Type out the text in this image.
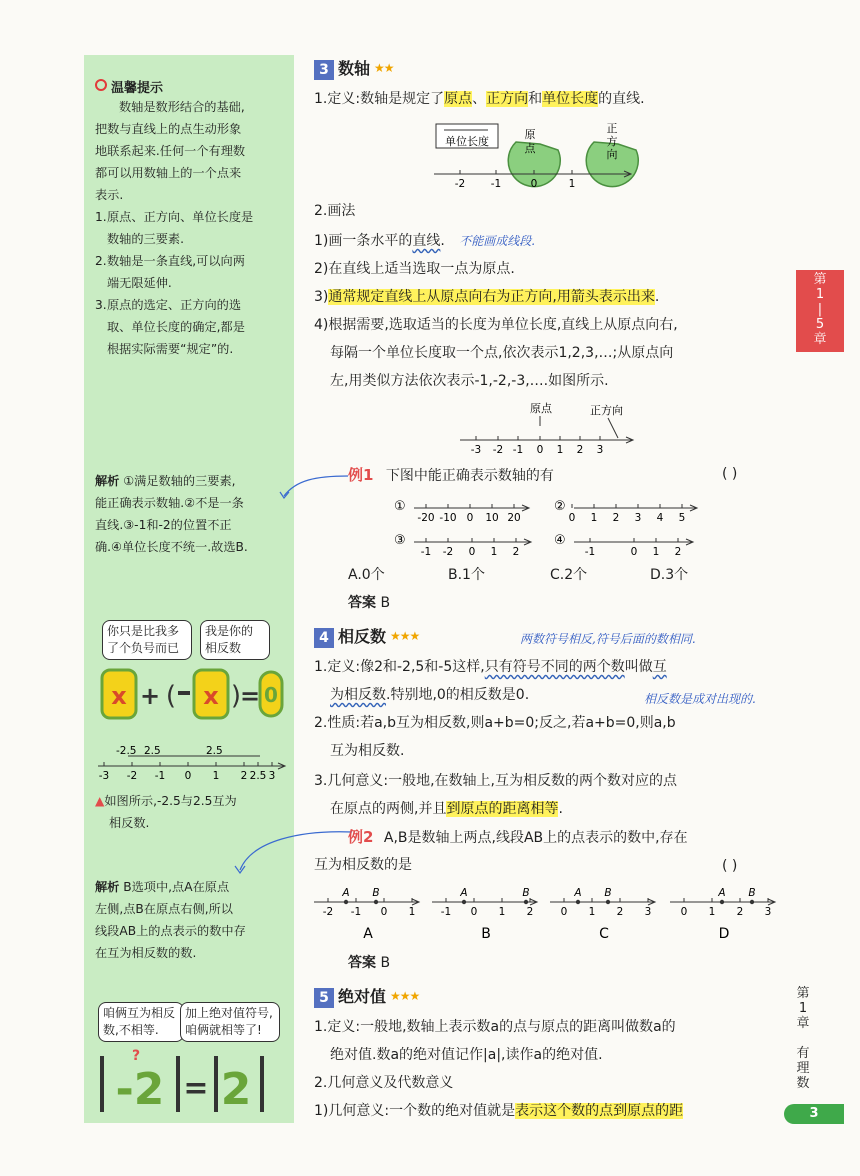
温馨提示
数轴是数形结合的基础,
把数与直线上的点生动形象
地联系起来.任何一个有理数
都可以用数轴上的一个点来
表示.
1. 原点、正方向、单位长度是
数轴的三要素.
2. 数轴是一条直线,可以向两
端无限延伸.
3. 原点的选定、正方向的选
取、单位长度的确定,都是
根据实际需要“规定”的.
解析 ①满足数轴的三要素,
能正确表示数轴.②不是一条
直线.③-1和-2的位置不正
确.④单位长度不统一.故选B.
你只是比我多
了个负号而已
我是你的
相反数
x + ( x )
= 0
-3 -2 -1 0 1 2 2.5 3
-2.5 2.5	2.5
▲如图所示,-2.5与2.5互为
相反数.
解析 B选项中,点A在原点
左侧,点B在原点右侧,所以
线段AB上的点表示的数中存
在互为相反数的数.
咱俩互为相反
数,不相等.
加上绝对值符号,
咱俩就相等了!
-2
?
= 2
3 数轴 ★★
1.定义:数轴是规定了原点、正方向和单位长度的直线.
单位长度
原
点
正
方
向
-2 -1	0	1
2.画法
1)画一条水平的直线. 不能画成线段.
2)在直线上适当选取一点为原点.
3)通常规定直线上从原点向右为正方向,用箭头表示出来.
4)根据需要,选取适当的长度为单位长度,直线上从原点向右,
每隔一个单位长度取一个点,依次表示1,2,3,…;从原点向
左,用类似方法依次表示-1,-2,-3,….如图所示.
原点	正方向
-3 -2 -1 0 1 2 3
例1 下图中能正确表示数轴的有	( )
①
-20 -10 0 10 20
②
0 1 2 3 4 5
③
-1 -2 0 1 2
④
-1	0 1 2
A.0个	B.1个	C.2个	D.3个
答案 B
4 相反数 ★★★	两数符号相反,符号后面的数相同.
1.定义:像2和-2,5和-5这样,只有符号不同的两个数叫做互
为相反数.特别地,0的相反数是0.	相反数是成对出现的.
2.性质:若a,b互为相反数,则a+b=0;反之,若a+b=0,则a,b
互为相反数.
3.几何意义:一般地,在数轴上,互为相反数的两个数对应的点
在原点的两侧,并且到原点的距离相等.
例2 A,B是数轴上两点,线段AB上的点表示的数中,存在
互为相反数的是	( )
-2 -1 0 1
A B
A
-1 0 1 2
A	B
B
0 1 2 3
A B
C
0 1 2 3
A B
D
答案 B
5 绝对值 ★★★
1.定义:一般地,数轴上表示数a的点与原点的距离叫做数a的
绝对值.数a的绝对值记作|a|,读作a的绝对值.
2.几何意义及代数意义
1)几何意义:一个数的绝对值就是表示这个数的点到原点的距
第
1
|
5
章
第
1
章
有
理
数
3
